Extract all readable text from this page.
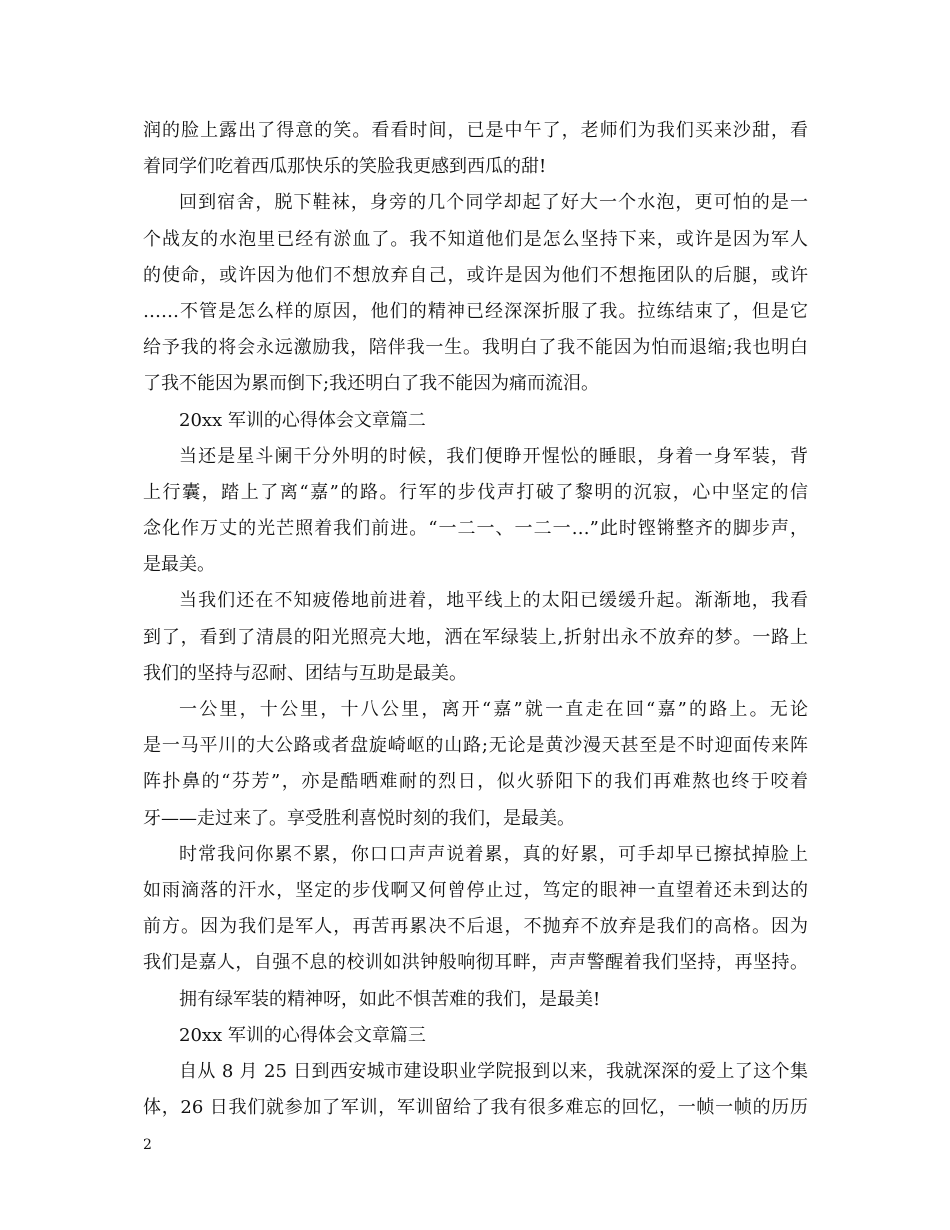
润的脸上露出了得意的笑。看看时间，已是中午了，老师们为我们买来沙甜，看
着同学们吃着西瓜那快乐的笑脸我更感到西瓜的甜!
回到宿舍，脱下鞋袜，身旁的几个同学却起了好大一个水泡，更可怕的是一
个战友的水泡里已经有淤血了。我不知道他们是怎么坚持下来，或许是因为军人
的使命，或许因为他们不想放弃自己，或许是因为他们不想拖团队的后腿，或许
……不管是怎么样的原因，他们的精神已经深深折服了我。拉练结束了，但是它
给予我的将会永远激励我，陪伴我一生。我明白了我不能因为怕而退缩;我也明白
了我不能因为累而倒下;我还明白了我不能因为痛而流泪。
20xx 军训的心得体会文章篇二
当还是星斗阑干分外明的时候，我们便睁开惺忪的睡眼，身着一身军装，背
上行囊，踏上了离“嘉”的路。行军的步伐声打破了黎明的沉寂，心中坚定的信
念化作万丈的光芒照着我们前进。“一二一、一二一…”此时铿锵整齐的脚步声，
是最美。
当我们还在不知疲倦地前进着，地平线上的太阳已缓缓升起。渐渐地，我看
到了，看到了清晨的阳光照亮大地，洒在军绿装上,折射出永不放弃的梦。一路上
我们的坚持与忍耐、团结与互助是最美。
一公里，十公里，十八公里，离开“嘉”就一直走在回“嘉”的路上。无论
是一马平川的大公路或者盘旋崎岖的山路;无论是黄沙漫天甚至是不时迎面传来阵
阵扑鼻的“芬芳”，亦是酷晒难耐的烈日，似火骄阳下的我们再难熬也终于咬着
牙——走过来了。享受胜利喜悦时刻的我们，是最美。
时常我问你累不累，你口口声声说着累，真的好累，可手却早已擦拭掉脸上
如雨滴落的汗水，坚定的步伐啊又何曾停止过，笃定的眼神一直望着还未到达的
前方。因为我们是军人，再苦再累决不后退，不抛弃不放弃是我们的高格。因为
我们是嘉人，自强不息的校训如洪钟般响彻耳畔，声声警醒着我们坚持，再坚持。
拥有绿军装的精神呀，如此不惧苦难的我们，是最美!
20xx 军训的心得体会文章篇三
自从 8 月 25 日到西安城市建设职业学院报到以来，我就深深的爱上了这个集
体，26 日我们就参加了军训，军训留给了我有很多难忘的回忆，一帧一帧的历历
2
